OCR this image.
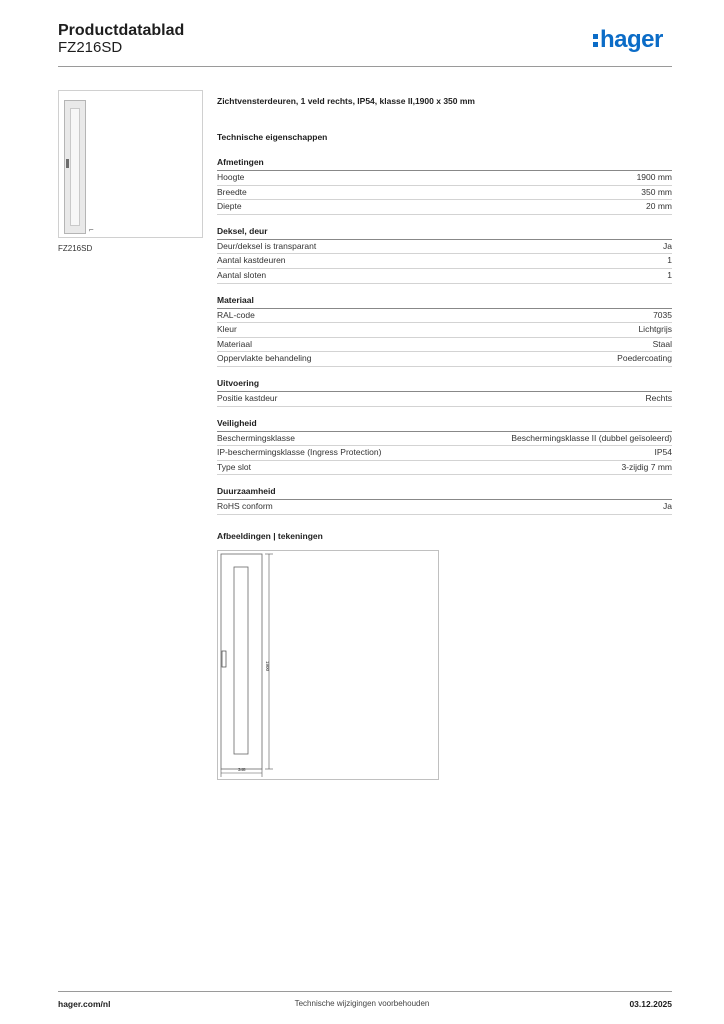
Productdatablad
FZ216SD	hager
⌐
FZ216SD

Zichtvensterdeuren, 1 veld rechts, IP54, klasse II,1900 x 350 mm

Technische eigenschappen

Afmetingen
Hoogte	1900 mm
Breedte	350 mm
Diepte	20 mm
Deksel, deur
Deur/deksel is transparant	Ja
Aantal kastdeuren	1
Aantal sloten	1
Materiaal
RAL-code	7035
Kleur	Lichtgrijs
Materiaal	Staal
Oppervlakte behandeling	Poedercoating
Uitvoering
Positie kastdeur	Rechts
Veiligheid
Beschermingsklasse	Beschermingsklasse II (dubbel geïsoleerd)
IP-beschermingsklasse (Ingress Protection)	IP54
Type slot	3-zijdig 7 mm
Duurzaamheid
RoHS conform	Ja
Afbeeldingen | tekeningen
1900
348
hager.com/nl	Technische wijzigingen voorbehouden	03.12.2025
